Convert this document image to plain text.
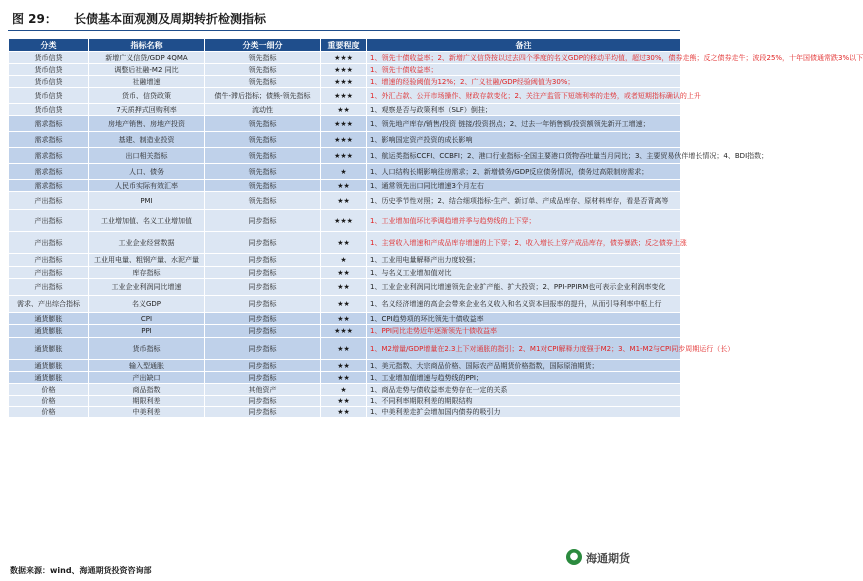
图 29： 长债基本面观测及周期转折检测指标
分类	指标名称	分类一细分	重要程度	备注
货币信贷	新增广义信贷/GDP 4QMA	领先指标	★★★	1、领先十债收益率；2、新增广义信贷按以过去四个季度的名义GDP的移动平均值，超过30%，债券走熊；反之债券走牛；波段25%，十年国债通常跌3%以下
货币信贷	调整后社融-M2 同比	领先指标	★★★	1、领先十债收益率；
货币信贷	社融增速	领先指标	★★★	1、增速的经验阈值为12%；2、广义社融/GDP经验阈值为30%；
货币信贷	货币、信贷政策	债牛-滞后指标；债熊-领先指标	★★★	1、外汇占款、公开市场操作、财政存款变化；2、关注产监管下短端利率的走势，或者短期指标确认的上升
货币信贷	7天质押式回购利率	流动性	★★	1、观察是否与政策利率（SLF）倒挂；
需求指标	房地产销售、房地产投资	领先指标	★★★	1、领先地产库存/销售/投资 链接/投资拐点；2、过去一年销售额/投资额领先新开工增速；
需求指标	基建、制造业投资	领先指标	★★★	1、影响国定资产投资的成长影响
需求指标	出口相关指标	领先指标	★★★	1、航运类指标CCFI、CCBFI；2、港口行业指标-全国主要港口货物吞吐量当月同比；3、主要贸易伙伴增长情况；4、BDI指数；
需求指标	人口、债务	领先指标	★	1、人口结构长期影响往房需求；2、新增债务/GDP反应债务情况，债务过高限制房需求；
需求指标	人民币实际有效汇率	领先指标	★★	1、通常领先出口同比增速3个月左右
产出指标	PMI	领先指标	★★	1、历史季节性对照；2、结合细项指标-生产、新订单、产成品库存、原材料库存，看是否背离等
产出指标	工业增加值、名义工业增加值	同步指标	★★★	1、工业增加值环比季调趋增并季与趋势线的上下穿；
产出指标	工业企业经营数据	同步指标	★★	1、主营收入增速和产成品库存增速的上下穿；2、收入增长上穿产成品库存，债券暴跌；反之债券上涨
产出指标	工业用电量、粗钢产量、水泥产量	同步指标	★	1、工业用电量解释产出力度较强；
产出指标	库存指标	同步指标	★★	1、与名义工业增加值对比
产出指标	工业企业利润同比增速	同步指标	★★	1、工业企业利润同比增速领先企业扩产能、扩大投资；2、PPI-PPIRM也可表示企业利润率变化
需求、产出综合指标	名义GDP	同步指标	★★	1、名义经济增速的高企会带来企业名义收入和名义资本回报率的提升，从而引导利率中枢上行
通货膨胀	CPI	同步指标	★★	1、CPI趋势项的环比领先十债收益率
通货膨胀	PPI	同步指标	★★★	1、PPI同比走势近年逐渐领先十债收益率
通货膨胀	货币指标	同步指标	★★	1、M2增量/GDP增量在2.3上下对通胀的指引；2、M1对CPI解释力度强于M2；3、M1-M2与CPI同步周期运行（长）
通货膨胀	输入型通胀	同步指标	★★	1、美元指数、大宗商品价格、国际农产品期货价格指数，国际原油期货；
通货膨胀	产出缺口	同步指标	★★	1、工业增加值增速与趋势线的PPI；
价格	商品指数	其他资产	★	1、商品走势与债收益率走势存在一定的关系
价格	期限利差	同步指标	★★	1、不同利率期限利差的期限结构
价格	中美利差	同步指标	★★	1、中美利差走扩会增加国内债券的吸引力
数据来源：wind、海通期货投资咨询部
● 海通期货
